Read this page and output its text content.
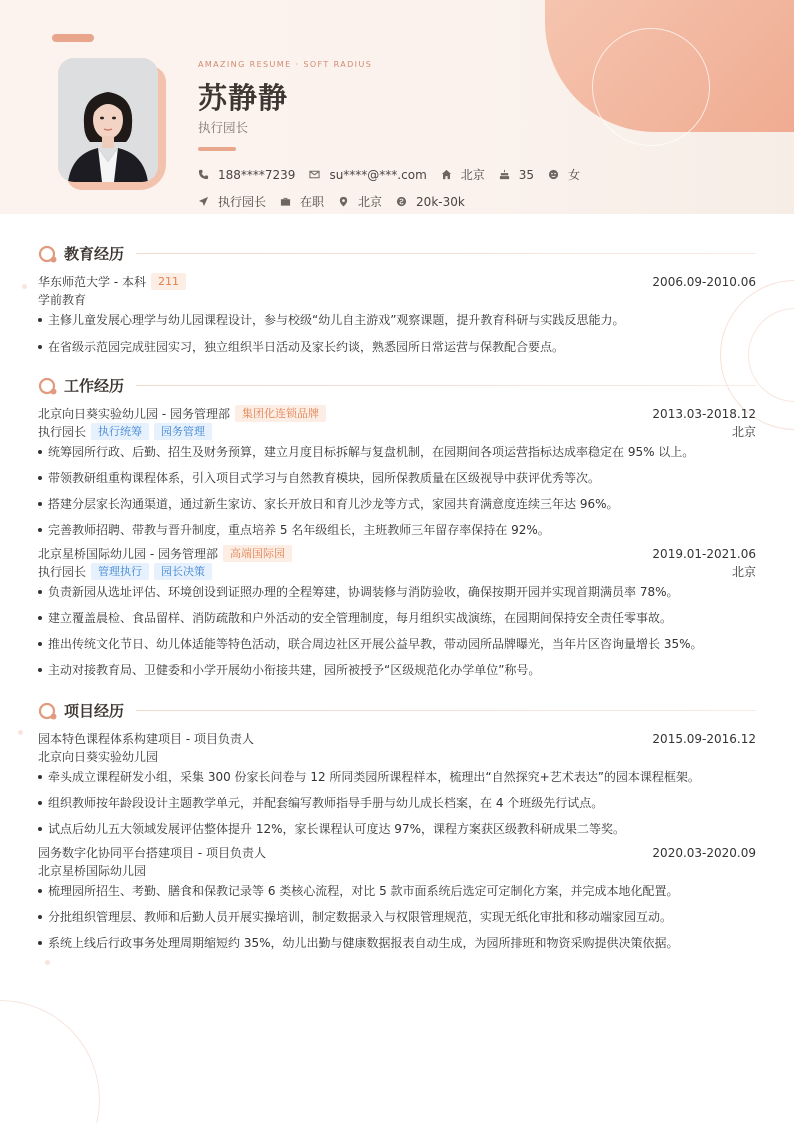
AMAZING RESUME · SOFT RADIUS
苏静静
执行园长
188****7239	su****@***.com	北京	35	女
执行园长	在职	北京	20k-30k
教育经历
华东师范大学 - 本科	211	2006.09-2010.06
学前教育
主修儿童发展心理学与幼儿园课程设计，参与校级“幼儿自主游戏”观察课题，提升教育科研与实践反思能力。
在省级示范园完成驻园实习，独立组织半日活动及家长约谈，熟悉园所日常运营与保教配合要点。
工作经历
北京向日葵实验幼儿园 - 园务管理部	集团化连锁品牌	2013.03-2018.12
执行园长	执行统筹	园务管理	北京
统筹园所行政、后勤、招生及财务预算，建立月度目标拆解与复盘机制，在园期间各项运营指标达成率稳定在 95% 以上。
带领教研组重构课程体系，引入项目式学习与自然教育模块，园所保教质量在区级视导中获评优秀等次。
搭建分层家长沟通渠道，通过新生家访、家长开放日和育儿沙龙等方式，家园共育满意度连续三年达 96%。
完善教师招聘、带教与晋升制度，重点培养 5 名年级组长，主班教师三年留存率保持在 92%。
北京星桥国际幼儿园 - 园务管理部	高端国际园	2019.01-2021.06
执行园长	管理执行	园长决策	北京
负责新园从选址评估、环境创设到证照办理的全程筹建，协调装修与消防验收，确保按期开园并实现首期满员率 78%。
建立覆盖晨检、食品留样、消防疏散和户外活动的安全管理制度，每月组织实战演练，在园期间保持安全责任零事故。
推出传统文化节日、幼儿体适能等特色活动，联合周边社区开展公益早教，带动园所品牌曝光，当年片区咨询量增长 35%。
主动对接教育局、卫健委和小学开展幼小衔接共建，园所被授予“区级规范化办学单位”称号。
项目经历
园本特色课程体系构建项目 - 项目负责人	2015.09-2016.12
北京向日葵实验幼儿园
牵头成立课程研发小组，采集 300 份家长问卷与 12 所同类园所课程样本，梳理出“自然探究+艺术表达”的园本课程框架。
组织教师按年龄段设计主题教学单元，并配套编写教师指导手册与幼儿成长档案，在 4 个班级先行试点。
试点后幼儿五大领域发展评估整体提升 12%，家长课程认可度达 97%，课程方案获区级教科研成果二等奖。
园务数字化协同平台搭建项目 - 项目负责人	2020.03-2020.09
北京星桥国际幼儿园
梳理园所招生、考勤、膳食和保教记录等 6 类核心流程，对比 5 款市面系统后选定可定制化方案，并完成本地化配置。
分批组织管理层、教师和后勤人员开展实操培训，制定数据录入与权限管理规范，实现无纸化审批和移动端家园互动。
系统上线后行政事务处理周期缩短约 35%，幼儿出勤与健康数据报表自动生成，为园所排班和物资采购提供决策依据。
